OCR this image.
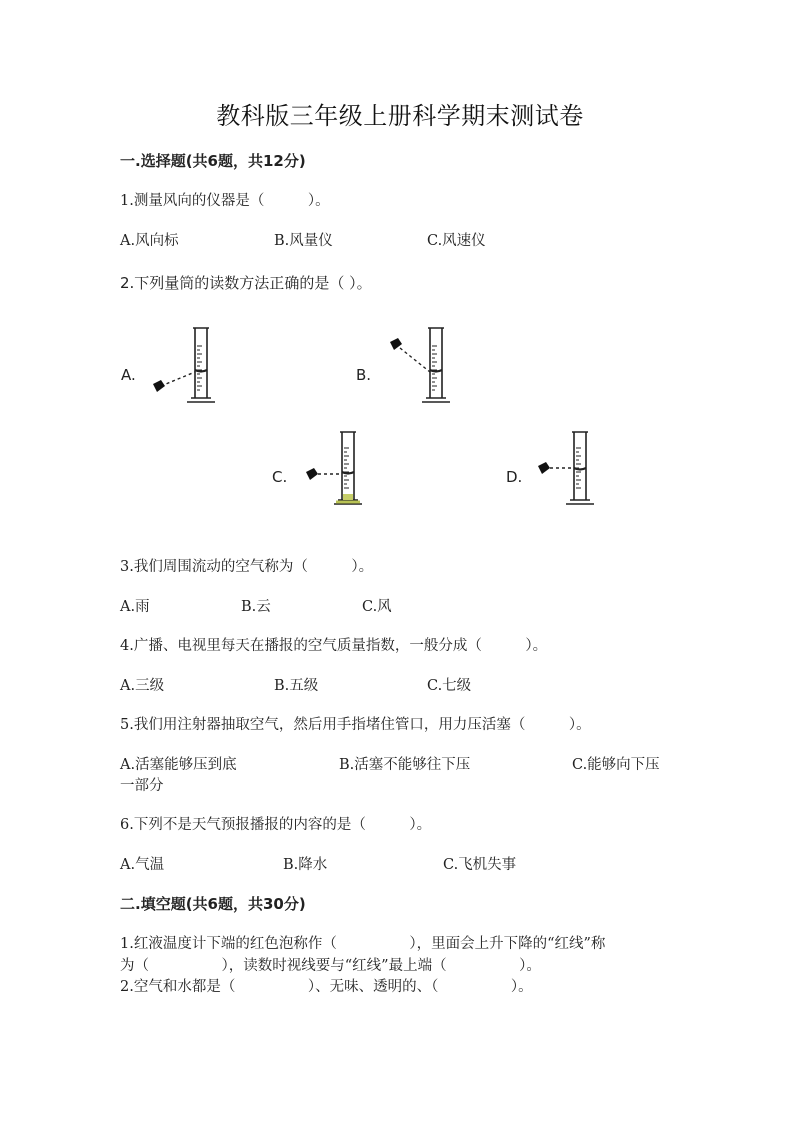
教科版三年级上册科学期末测试卷
一.选择题(共6题，共12分)
1.测量风向的仪器是（　　　）。
A.风向标	B.风量仪	C.风速仪
2.下列量筒的读数方法正确的是（ ）。
A.	B.
C.	D.
3.我们周围流动的空气称为（　　　）。
A.雨	B.云	C.风
4.广播、电视里每天在播报的空气质量指数，一般分成（　　　）。
A.三级	B.五级	C.七级
5.我们用注射器抽取空气，然后用手指堵住管口，用力压活塞（　　　）。
A.活塞能够压到底	B.活塞不能够往下压	C.能够向下压
一部分
6.下列不是天气预报播报的内容的是（　　　）。
A.气温	B.降水	C.飞机失事
二.填空题(共6题，共30分)
1.红液温度计下端的红色泡称作（　　　　　），里面会上升下降的“红线”称
为（　　　　　），读数时视线要与“红线”最上端（　　　　　）。
2.空气和水都是（　　　　　）、无味、透明的、（　　　　　）。
